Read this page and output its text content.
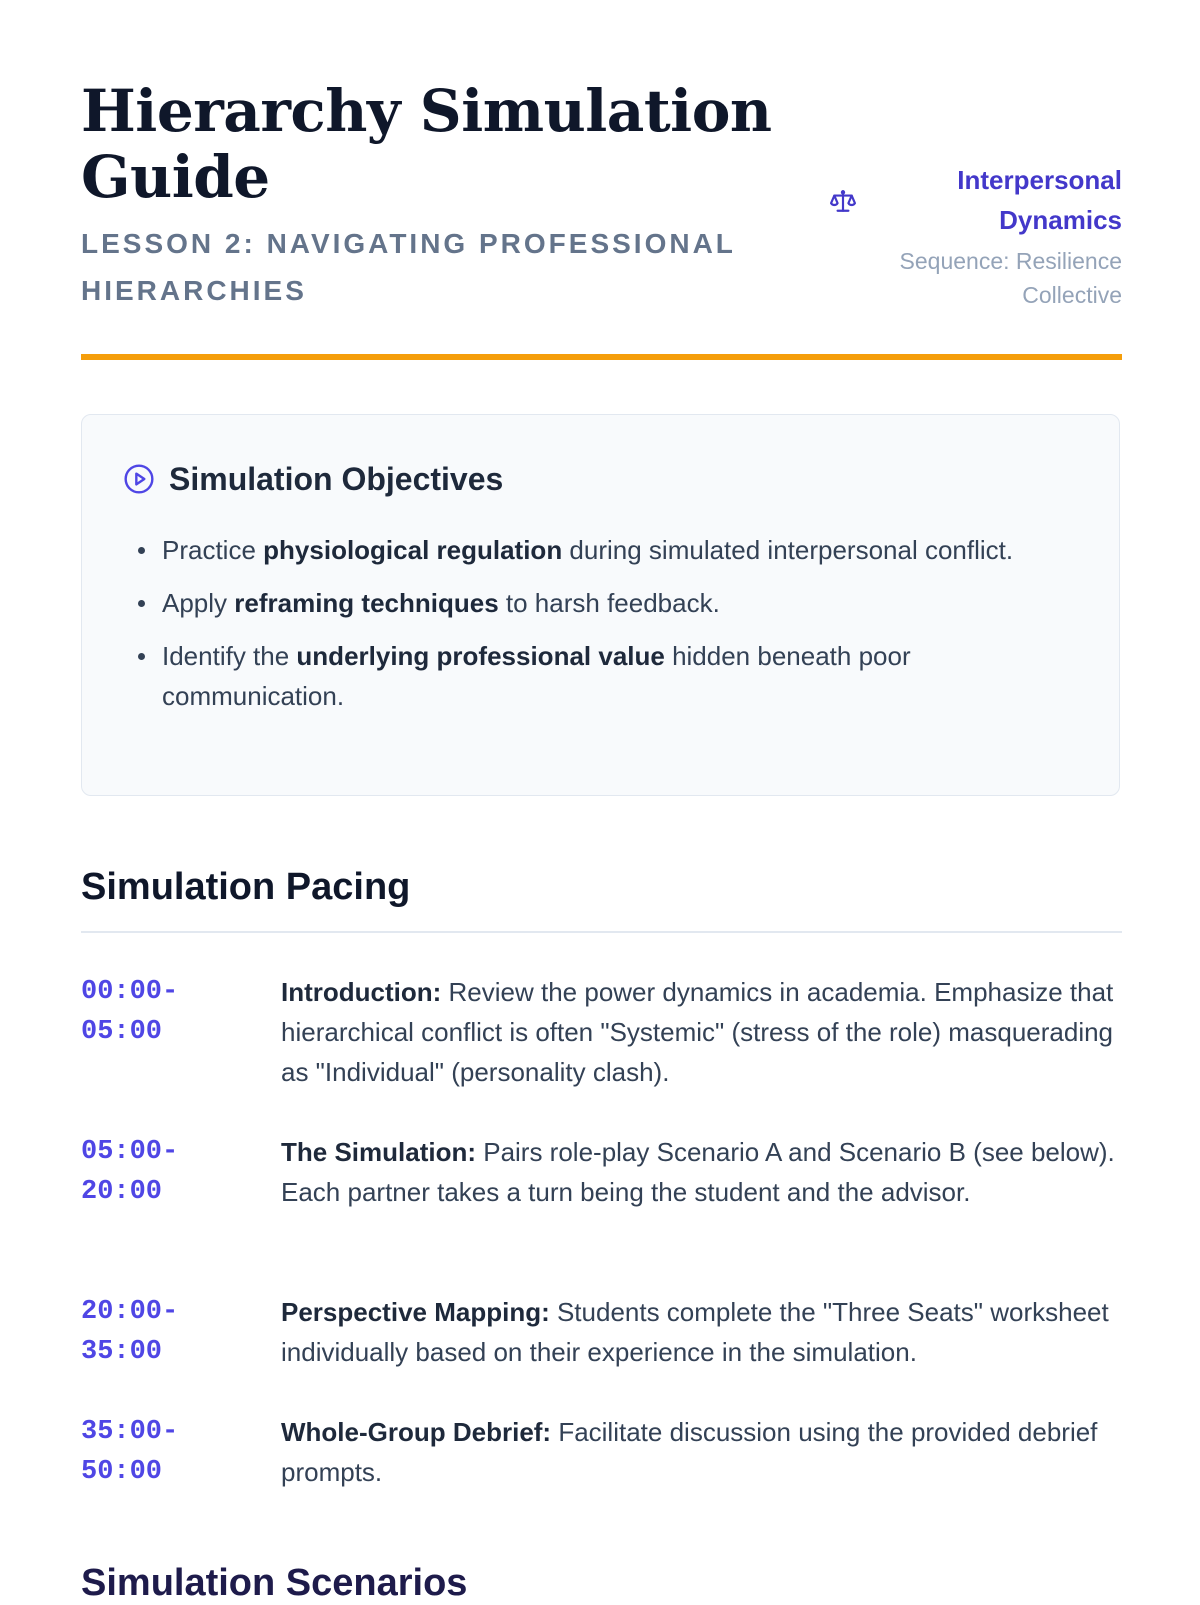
Hierarchy Simulation Guide
LESSON 2: NAVIGATING PROFESSIONAL HIERARCHIES
Interpersonal Dynamics
Sequence: Resilience Collective
Simulation Objectives
Practice physiological regulation during simulated interpersonal conflict.
Apply reframing techniques to harsh feedback.
Identify the underlying professional value hidden beneath poor communication.
Simulation Pacing
00:00-
05:00
Introduction: Review the power dynamics in academia. Emphasize that hierarchical conflict is often "Systemic" (stress of the role) masquerading as "Individual" (personality clash).
05:00-
20:00
The Simulation: Pairs role-play Scenario A and Scenario B (see below). Each partner takes a turn being the student and the advisor.
20:00-
35:00
Perspective Mapping: Students complete the "Three Seats" worksheet individually based on their experience in the simulation.
35:00-
50:00
Whole-Group Debrief: Facilitate discussion using the provided debrief prompts.
Simulation Scenarios
